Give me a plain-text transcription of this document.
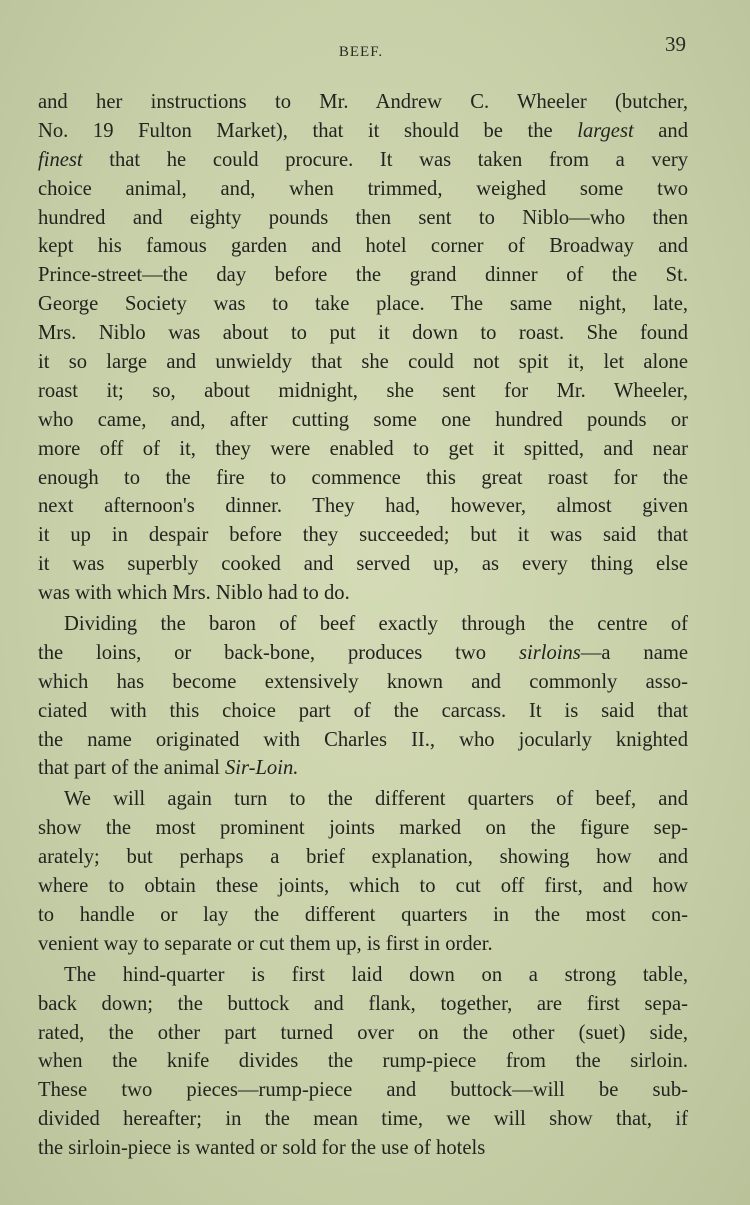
BEEF.	39
and her instructions to Mr. Andrew C. Wheeler (butcher,
No. 19 Fulton Market), that it should be the largest and
finest that he could procure. It was taken from a very
choice animal, and, when trimmed, weighed some two
hundred and eighty pounds then sent to Niblo—who then
kept his famous garden and hotel corner of Broadway and
Prince-street—the day before the grand dinner of the St.
George Society was to take place. The same night, late,
Mrs. Niblo was about to put it down to roast. She found
it so large and unwieldy that she could not spit it, let alone
roast it; so, about midnight, she sent for Mr. Wheeler,
who came, and, after cutting some one hundred pounds or
more off of it, they were enabled to get it spitted, and near
enough to the fire to commence this great roast for the
next afternoon's dinner. They had, however, almost given
it up in despair before they succeeded; but it was said that
it was superbly cooked and served up, as every thing else
was with which Mrs. Niblo had to do.
Dividing the baron of beef exactly through the centre of
the loins, or back-bone, produces two sirloins—a name
which has become extensively known and commonly asso-
ciated with this choice part of the carcass. It is said that
the name originated with Charles II., who jocularly knighted
that part of the animal Sir-Loin.
We will again turn to the different quarters of beef, and
show the most prominent joints marked on the figure sep-
arately; but perhaps a brief explanation, showing how and
where to obtain these joints, which to cut off first, and how
to handle or lay the different quarters in the most con-
venient way to separate or cut them up, is first in order.
The hind-quarter is first laid down on a strong table,
back down; the buttock and flank, together, are first sepa-
rated, the other part turned over on the other (suet) side,
when the knife divides the rump-piece from the sirloin.
These two pieces—rump-piece and buttock—will be sub-
divided hereafter; in the mean time, we will show that, if
the sirloin-piece is wanted or sold for the use of hotels
